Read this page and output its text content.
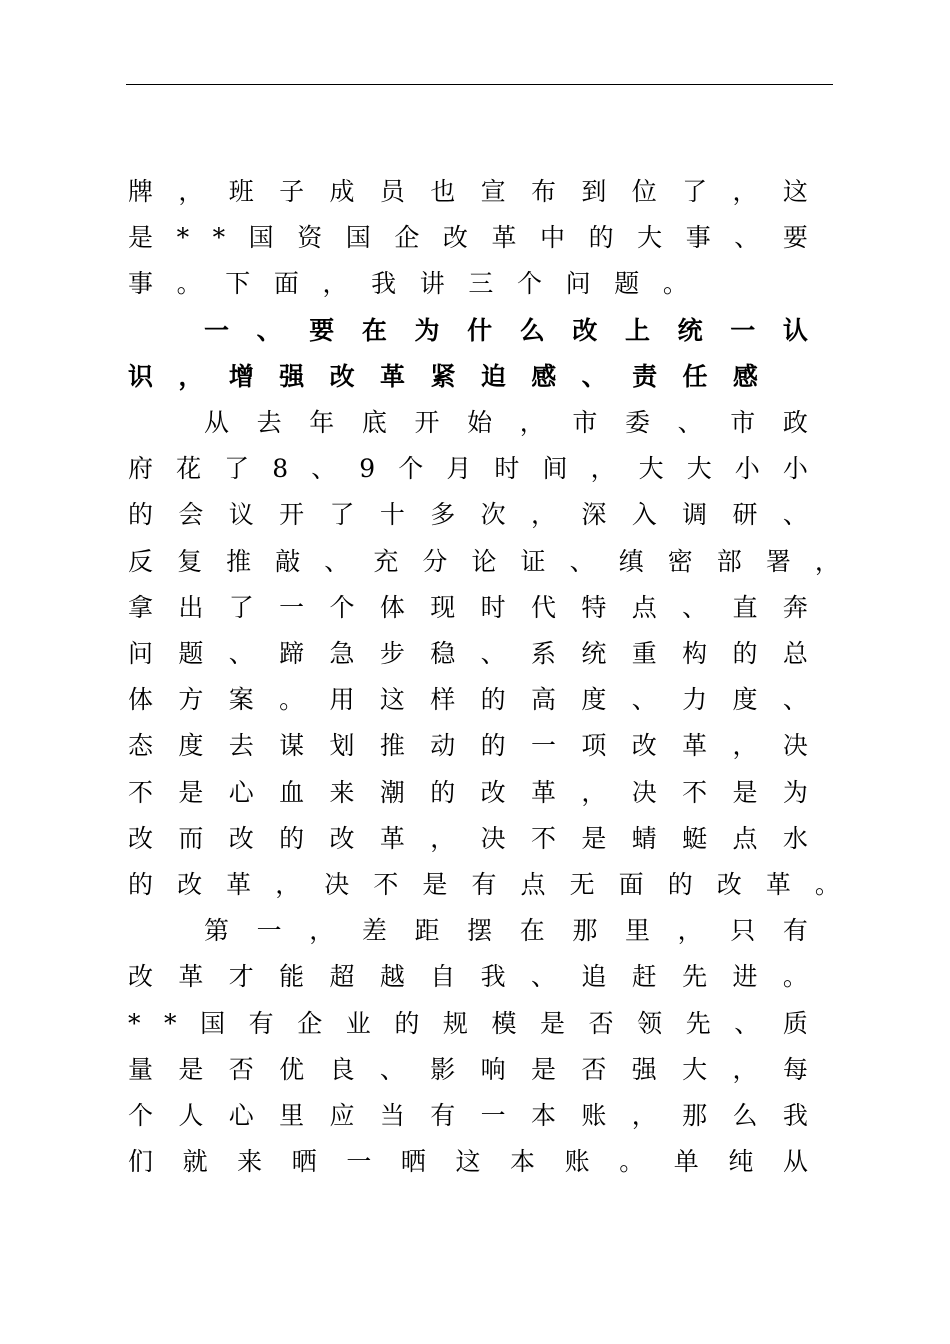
牌 ， 班 子 成 员 也 宣 布 到 位 了 ， 这
是 * * 国 资 国 企 改 革 中 的 大 事 、 要
事 。 下 面 ， 我 讲 三 个 问 题 。
一 、 要 在 为 什 么 改 上 统 一 认
识 ， 增 强 改 革 紧 迫 感 、 责 任 感
从 去 年 底 开 始 ， 市 委 、 市 政
府 花 了 8 、 9 个 月 时 间 ， 大 大 小 小
的 会 议 开 了 十 多 次 ， 深 入 调 研 、
反 复 推 敲 、 充 分 论 证 、 缜 密 部 署 ，
拿 出 了 一 个 体 现 时 代 特 点 、 直 奔
问 题 、 蹄 急 步 稳 、 系 统 重 构 的 总
体 方 案 。 用 这 样 的 高 度 、 力 度 、
态 度 去 谋 划 推 动 的 一 项 改 革 ， 决
不 是 心 血 来 潮 的 改 革 ， 决 不 是 为
改 而 改 的 改 革 ， 决 不 是 蜻 蜓 点 水
的 改 革 ， 决 不 是 有 点 无 面 的 改 革 。
第 一 ， 差 距 摆 在 那 里 ， 只 有
改 革 才 能 超 越 自 我 、 追 赶 先 进 。
* * 国 有 企 业 的 规 模 是 否 领 先 、 质
量 是 否 优 良 、 影 响 是 否 强 大 ， 每
个 人 心 里 应 当 有 一 本 账 ， 那 么 我
们 就 来 晒 一 晒 这 本 账 。 单 纯 从
